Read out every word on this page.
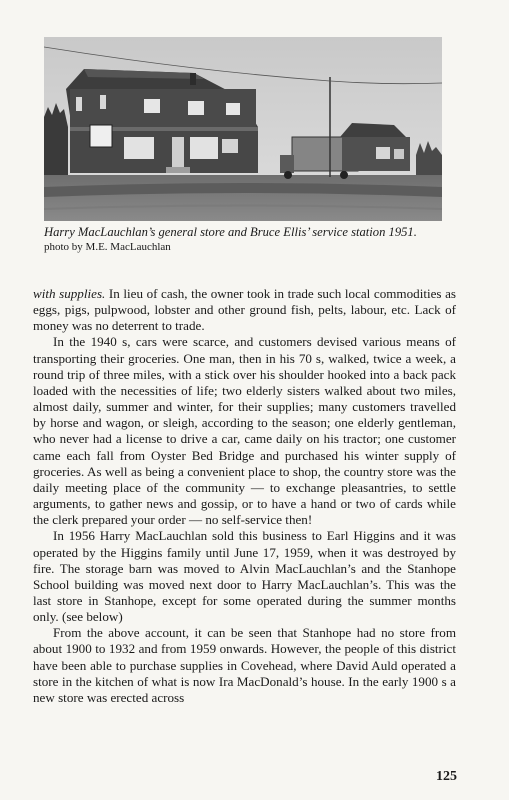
Harry MacLauchlan’s general store and Bruce Ellis’ service station 1951.
photo by M.E. MacLauchlan

with supplies. In lieu of cash, the owner took in trade such local commodities as eggs, pigs, pulpwood, lobster and other ground fish, pelts, labour, etc. Lack of money was no deterrent to trade.

In the 1940 s, cars were scarce, and customers devised various means of transporting their groceries. One man, then in his 70 s, walked, twice a week, a round trip of three miles, with a stick over his shoulder hooked into a back pack loaded with the necessities of life; two elderly sisters walked about two miles, almost daily, summer and winter, for their supplies; many customers travelled by horse and wagon, or sleigh, according to the season; one elderly gentleman, who never had a license to drive a car, came daily on his tractor; one customer came each fall from Oyster Bed Bridge and purchased his winter supply of groceries. As well as being a convenient place to shop, the country store was the daily meeting place of the community — to exchange pleasantries, to settle arguments, to gather news and gossip, or to have a hand or two of cards while the clerk prepared your order — no self-service then!

In 1956 Harry MacLauchlan sold this business to Earl Higgins and it was operated by the Higgins family until June 17, 1959, when it was destroyed by fire. The storage barn was moved to Alvin MacLauchlan’s and the Stanhope School building was moved next door to Harry MacLauchlan’s. This was the last store in Stanhope, except for some operated during the summer months only. (see below)

From the above account, it can be seen that Stanhope had no store from about 1900 to 1932 and from 1959 onwards. However, the people of this district have been able to purchase supplies in Covehead, where David Auld operated a store in the kitchen of what is now Ira MacDonald’s house. In the early 1900 s a new store was erected across

125
